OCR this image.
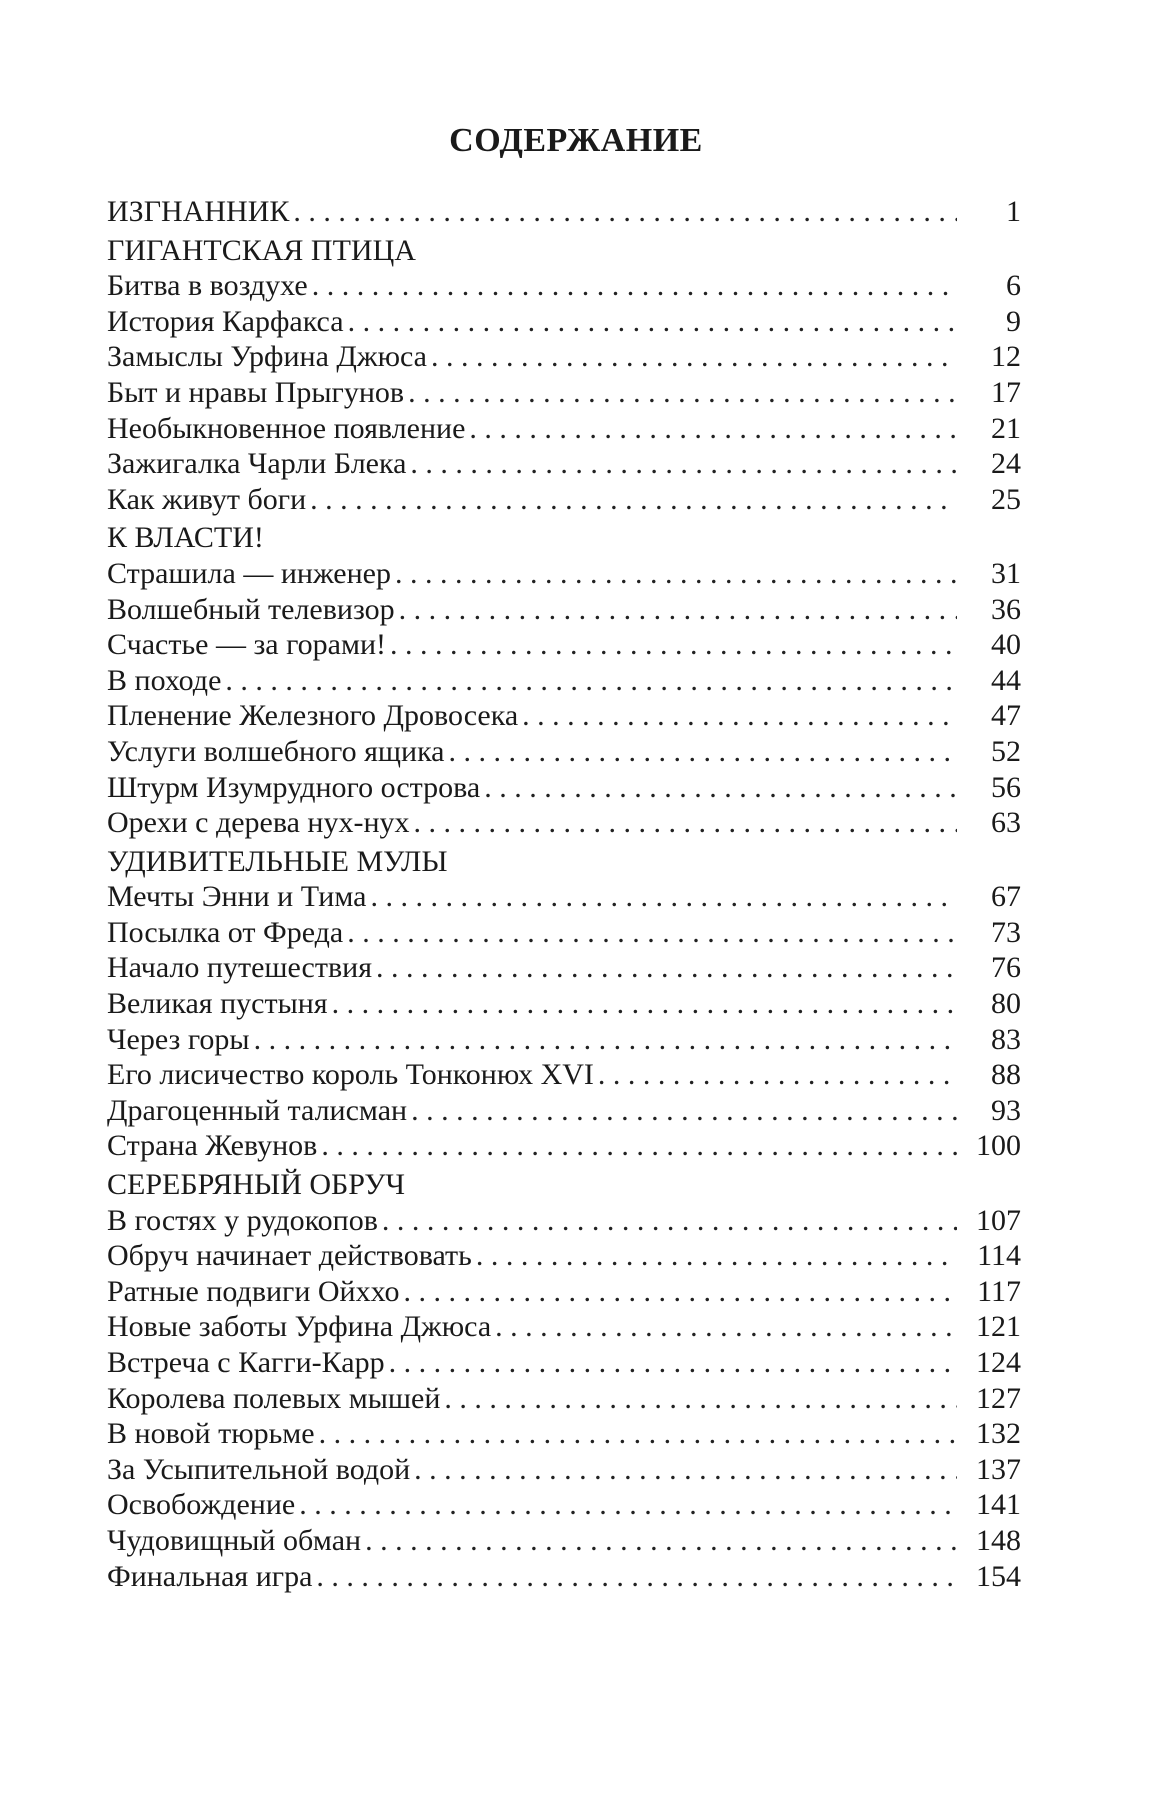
СОДЕРЖАНИЕ
ИЗГНАННИК . . .	1
ГИГАНТСКАЯ ПТИЦА
Битва в воздухе . . .	6
История Карфакса . . .	9
Замыслы Урфина Джюса . . .	12
Быт и нравы Прыгунов . . .	17
Необыкновенное появление . . .	21
Зажигалка Чарли Блека . . .	24
Как живут боги . . .	25
К ВЛАСТИ!
Страшила — инженер . . .	31
Волшебный телевизор . . .	36
Счастье — за горами! . . .	40
В походе . . .	44
Пленение Железного Дровосека . . .	47
Услуги волшебного ящика . . .	52
Штурм Изумрудного острова . . .	56
Орехи с дерева нух-нух . . .	63
УДИВИТЕЛЬНЫЕ МУЛЫ
Мечты Энни и Тима . . .	67
Посылка от Фреда . . .	73
Начало путешествия . . .	76
Великая пустыня . . .	80
Через горы . . .	83
Его лисичество король Тонконюх XVI . . .	88
Драгоценный талисман . . .	93
Страна Жевунов . . .	100
СЕРЕБРЯНЫЙ ОБРУЧ
В гостях у рудокопов . . .	107
Обруч начинает действовать . . .	114
Ратные подвиги Ойххо . . .	117
Новые заботы Урфина Джюса . . .	121
Встреча с Кагги-Карр . . .	124
Королева полевых мышей . . .	127
В новой тюрьме . . .	132
За Усыпительной водой . . .	137
Освобождение . . .	141
Чудовищный обман . . .	148
Финальная игра . . .	154
